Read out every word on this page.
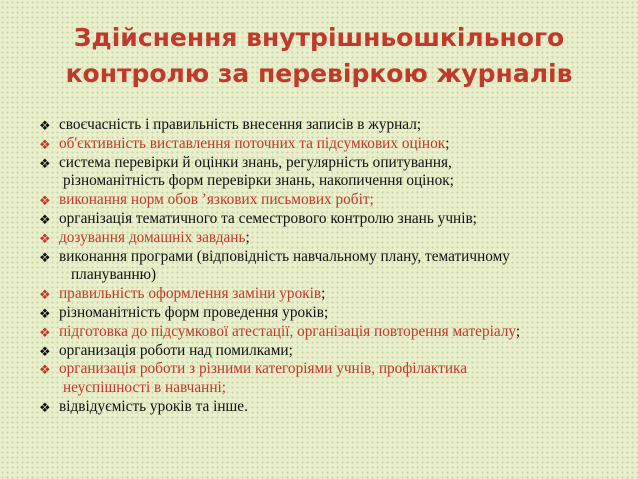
Здійснення внутрішньошкільного
контролю за перевіркою журналів
❖ своєчасність і правильність внесення записів в журнал;
❖ об'єктивність виставлення поточних та підсумкових оцінок;
❖ система перевірки й оцінки знань, регулярність опитування,
різноманітність форм перевірки знань, накопичення оцінок;
❖ виконання норм обов ’язкових письмових робіт;
❖ організація тематичного та семестрового контролю знань учнів;
❖ дозування домашніх завдань;
❖ виконання програми (відповідність навчальному плану, тематичному
плануванню)
❖ правильність оформлення заміни уроків;
❖ різноманітність форм проведення уроків;
❖ підготовка до підсумкової атестації, організація повторення матеріалу;
❖ организація роботи над помилками;
❖ организація роботи з різними категоріями учнів, профілактика
неуспішності в навчанні;
❖ відвідуємість уроків та інше.
